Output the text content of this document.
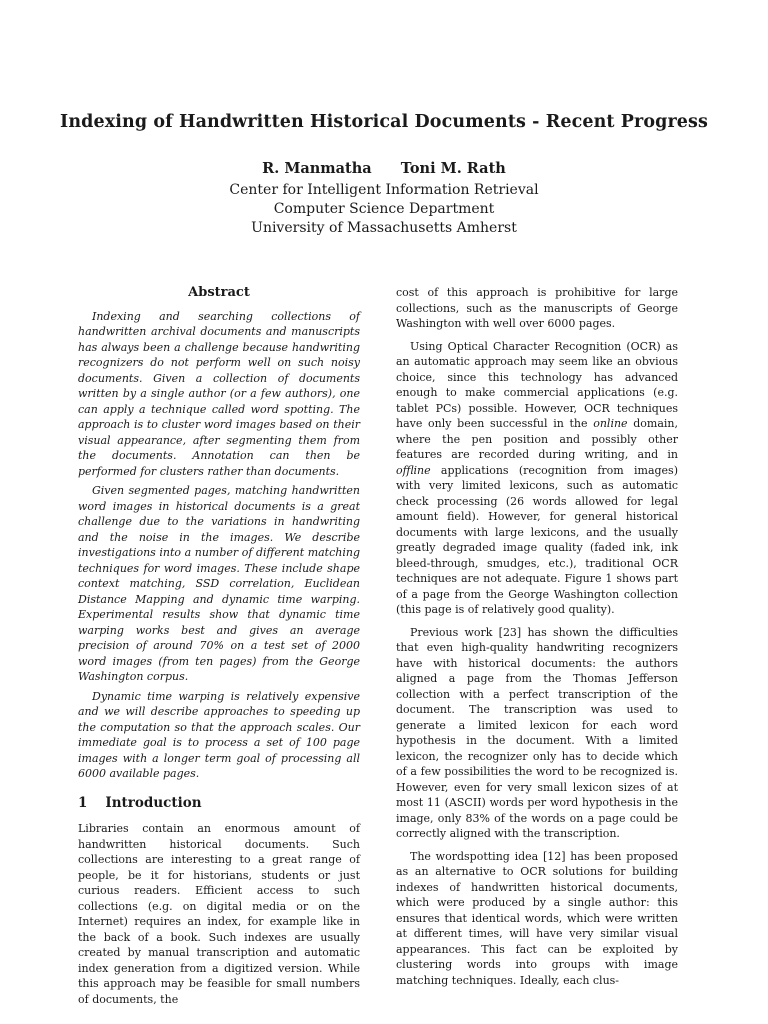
Indexing of Handwritten Historical Documents - Recent Progress
R. Manmatha Toni M. Rath

Center for Intelligent Information Retrieval

Computer Science Department

University of Massachusetts Amherst

Abstract

Indexing and searching collections of handwritten archival documents and manuscripts has always been a challenge because handwriting recognizers do not perform well on such noisy documents. Given a collection of documents written by a single author (or a few authors), one can apply a technique called word spotting. The approach is to cluster word images based on their visual appearance, after segmenting them from the documents. Annotation can then be performed for clusters rather than documents.

Given segmented pages, matching handwritten word images in historical documents is a great challenge due to the variations in handwriting and the noise in the images. We describe investigations into a number of different matching techniques for word images. These include shape context matching, SSD correlation, Euclidean Distance Mapping and dynamic time warping. Experimental results show that dynamic time warping works best and gives an average precision of around 70% on a test set of 2000 word images (from ten pages) from the George Washington corpus.

Dynamic time warping is relatively expensive and we will describe approaches to speeding up the computation so that the approach scales. Our immediate goal is to process a set of 100 page images with a longer term goal of processing all 6000 available pages.

1 Introduction

Libraries contain an enormous amount of handwritten historical documents. Such collections are interesting to a great range of people, be it for historians, students or just curious readers. Efficient access to such collections (e.g. on digital media or on the Internet) requires an index, for example like in the back of a book. Such indexes are usually created by manual transcription and automatic index generation from a digitized version. While this approach may be feasible for small numbers of documents, the

cost of this approach is prohibitive for large collections, such as the manuscripts of George Washington with well over 6000 pages.

Using Optical Character Recognition (OCR) as an automatic approach may seem like an obvious choice, since this technology has advanced enough to make commercial applications (e.g. tablet PCs) possible. However, OCR techniques have only been successful in the online domain, where the pen position and possibly other features are recorded during writing, and in offline applications (recognition from images) with very limited lexicons, such as automatic check processing (26 words allowed for legal amount field). However, for general historical documents with large lexicons, and the usually greatly degraded image quality (faded ink, ink bleed-through, smudges, etc.), traditional OCR techniques are not adequate. Figure 1 shows part of a page from the George Washington collection (this page is of relatively good quality).

Previous work [23] has shown the difficulties that even high-quality handwriting recognizers have with historical documents: the authors aligned a page from the Thomas Jefferson collection with a perfect transcription of the document. The transcription was used to generate a limited lexicon for each word hypothesis in the document. With a limited lexicon, the recognizer only has to decide which of a few possibilities the word to be recognized is. However, even for very small lexicon sizes of at most 11 (ASCII) words per word hypothesis in the image, only 83% of the words on a page could be correctly aligned with the transcription.

The wordspotting idea [12] has been proposed as an alternative to OCR solutions for building indexes of handwritten historical documents, which were produced by a single author: this ensures that identical words, which were written at different times, will have very similar visual appearances. This fact can be exploited by clustering words into groups with image matching techniques. Ideally, each clus-
